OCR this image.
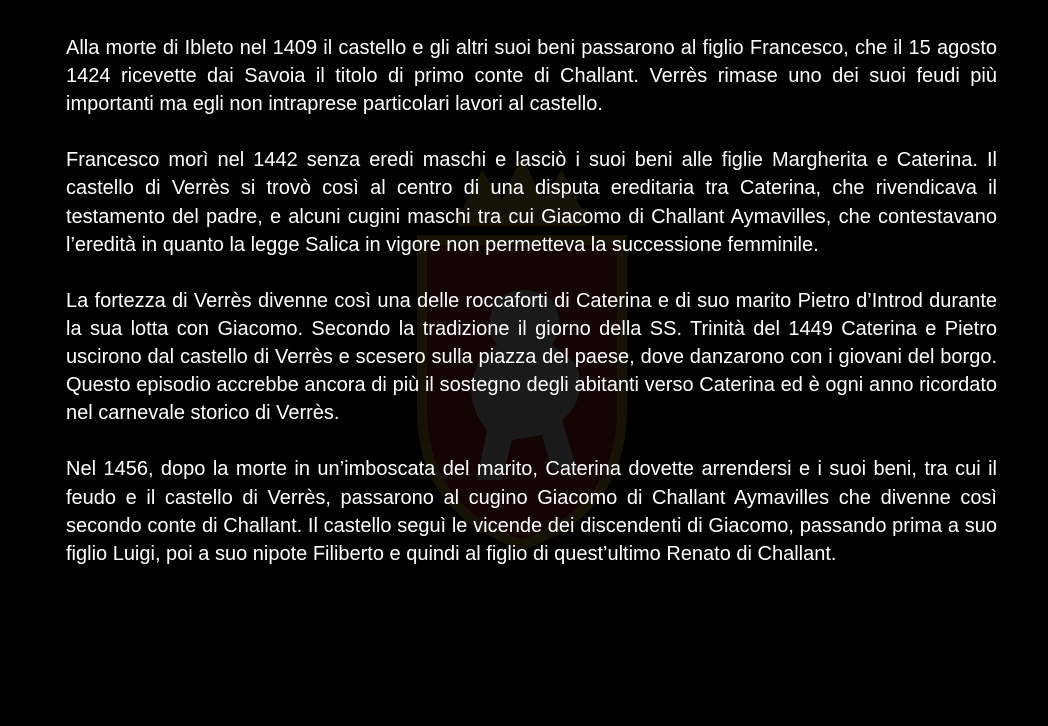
Alla morte di Ibleto nel 1409 il castello e gli altri suoi beni passarono al figlio Francesco, che il 15 agosto 1424 ricevette dai Savoia il titolo di primo conte di Challant. Verrès rimase uno dei suoi feudi più importanti ma egli non intraprese particolari lavori al castello.

Francesco morì nel 1442 senza eredi maschi e lasciò i suoi beni alle figlie Margherita e Caterina. Il castello di Verrès si trovò così al centro di una disputa ereditaria tra Caterina, che rivendicava il testamento del padre, e alcuni cugini maschi tra cui Giacomo di Challant Aymavilles, che contestavano l’eredità in quanto la legge Salica in vigore non permetteva la successione femminile.

La fortezza di Verrès divenne così una delle roccaforti di Caterina e di suo marito Pietro d’Introd durante la sua lotta con Giacomo. Secondo la tradizione il giorno della SS. Trinità del 1449 Caterina e Pietro uscirono dal castello di Verrès e scesero sulla piazza del paese, dove danzarono con i giovani del borgo. Questo episodio accrebbe ancora di più il sostegno degli abitanti verso Caterina ed è ogni anno ricordato nel carnevale storico di Verrès.

Nel 1456, dopo la morte in un’imboscata del marito, Caterina dovette arrendersi e i suoi beni, tra cui il feudo e il castello di Verrès, passarono al cugino Giacomo di Challant Aymavilles che divenne così secondo conte di Challant. Il castello seguì le vicende dei discendenti di Giacomo, passando prima a suo figlio Luigi, poi a suo nipote Filiberto e quindi al figlio di quest’ultimo Renato di Challant.
